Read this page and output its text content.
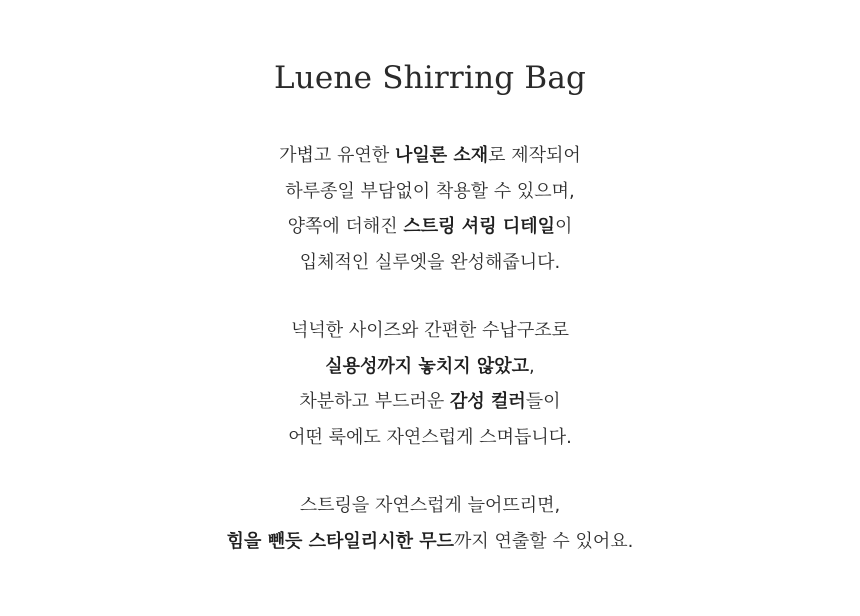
Luene Shirring Bag
가볍고 유연한 나일론 소재로 제작되어
하루종일 부담없이 착용할 수 있으며,
양쪽에 더해진 스트링 셔링 디테일이
입체적인 실루엣을 완성해줍니다.
넉넉한 사이즈와 간편한 수납구조로
실용성까지 놓치지 않았고,
차분하고 부드러운 감성 컬러들이
어떤 룩에도 자연스럽게 스며듭니다.
스트링을 자연스럽게 늘어뜨리면,
힘을 뺀듯 스타일리시한 무드까지 연출할 수 있어요.
